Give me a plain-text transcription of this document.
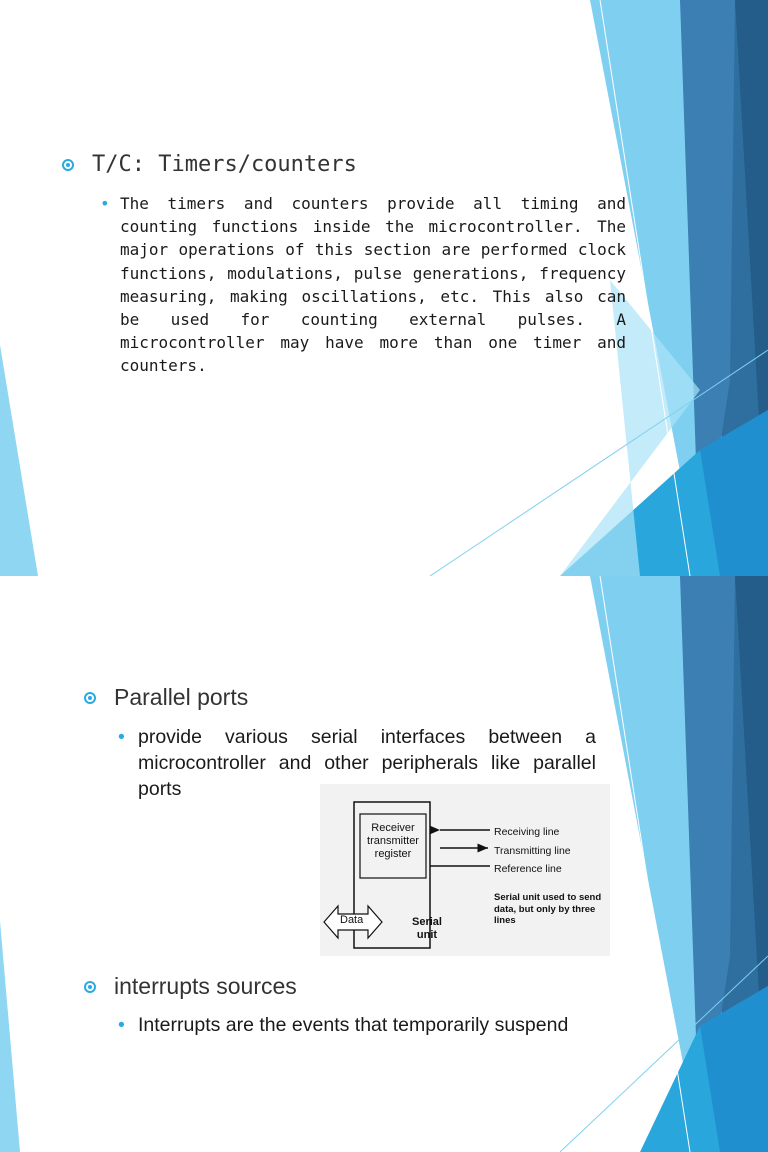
T/C: Timers/counters
• The timers and counters provide all timing and counting functions inside the microcontroller. The major operations of this section are performed clock functions, modulations, pulse generations, frequency measuring, making oscillations, etc. This also can be used for counting external pulses. A microcontroller may have more than one timer and counters.
Parallel ports
• provide various serial interfaces between a microcontroller and other peripherals like parallel ports
interrupts sources
• Interrupts are the events that temporarily suspend
Receiver
transmitter
register
Receiving line
Transmitting line
Reference line
Serial unit used to send
data, but only by three
lines
Data	Serial
unit
